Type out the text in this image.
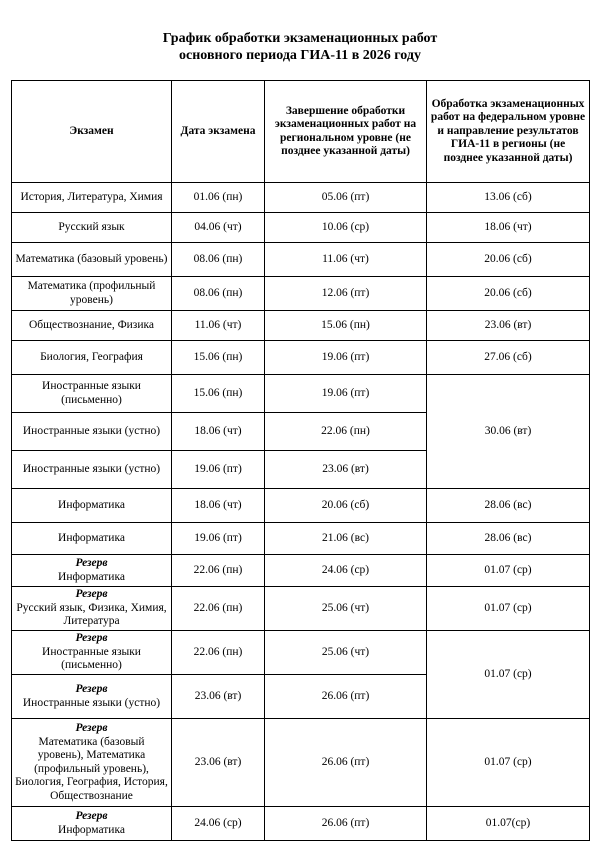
График обработки экзаменационных работ
основного периода ГИА-11 в 2026 году
Экзамен	Дата экзамена	Завершение обработки экзаменационных работ на региональном уровне (не позднее указанной даты)	Обработка экзаменационных работ на федеральном уровне и направление результатов ГИА-11 в регионы (не позднее указанной даты)
История, Литература, Химия	01.06 (пн)	05.06 (пт)	13.06 (сб)
Русский язык	04.06 (чт)	10.06 (ср)	18.06 (чт)
Математика (базовый уровень)	08.06 (пн)	11.06 (чт)	20.06 (сб)
Математика (профильный уровень)	08.06 (пн)	12.06 (пт)	20.06 (сб)
Обществознание, Физика	11.06 (чт)	15.06 (пн)	23.06 (вт)
Биология, География	15.06 (пн)	19.06 (пт)	27.06 (сб)
Иностранные языки (письменно)	15.06 (пн)	19.06 (пт)	30.06 (вт)
Иностранные языки (устно)	18.06 (чт)	22.06 (пн)	
Иностранные языки (устно)	19.06 (пт)	23.06 (вт)	
Информатика	18.06 (чт)	20.06 (сб)	28.06 (вс)
Информатика	19.06 (пт)	21.06 (вс)	28.06 (вс)

Резерв
Информатика	22.06 (пн)	24.06 (ср)	01.07 (ср)

Резерв
Русский язык, Физика, Химия, Литература	22.06 (пн)	25.06 (чт)	01.07 (ср)

Резерв
Иностранные языки (письменно)	22.06 (пн)	25.06 (чт)	01.07 (ср)

Резерв
Иностранные языки (устно)	23.06 (вт)	26.06 (пт)	

Резерв
Математика (базовый уровень), Математика (профильный уровень), Биология, География, История, Обществознание	23.06 (вт)	26.06 (пт)	01.07 (ср)

Резерв
Информатика	24.06 (ср)	26.06 (пт)	01.07(ср)
